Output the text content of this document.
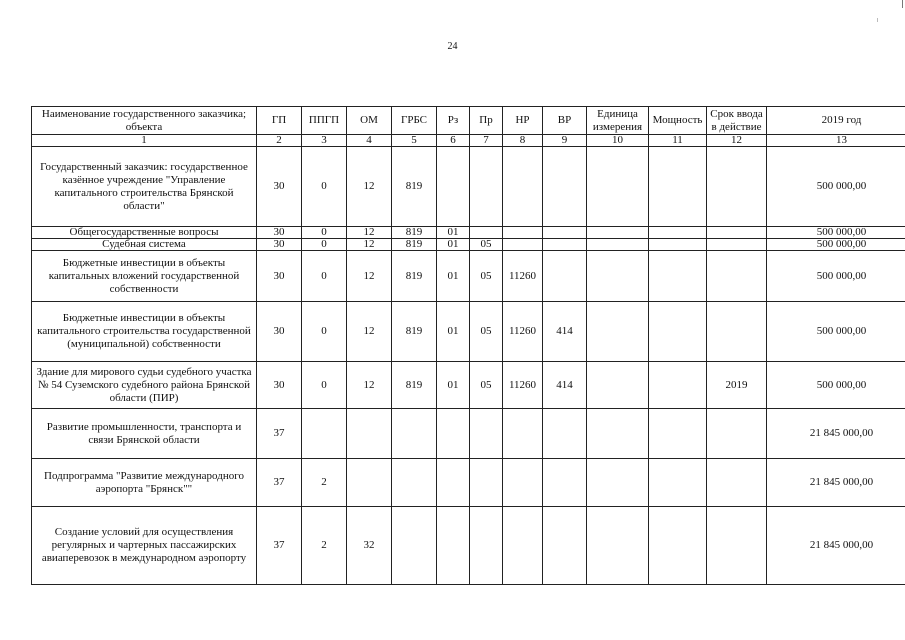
24
Наименование государственного заказчика; объекта	ГП	ППГП	ОМ	ГРБС	Рз	Пр	НР	ВР	Единица измерения	Мощность	Срок ввода в действие	2019 год
1	2	3	4	5	6	7	8	9	10	11	12	13
Государственный заказчик: государственное казённое учреждение "Управление капитального строительства Брянской области"	30	0	12	819								500 000,00
Общегосударственные вопросы	30	0	12	819	01							500 000,00
Судебная система	30	0	12	819	01	05						500 000,00
Бюджетные инвестиции в объекты капитальных вложений государственной собственности	30	0	12	819	01	05	11260					500 000,00
Бюджетные инвестиции в объекты капитального строительства государственной (муниципальной) собственности	30	0	12	819	01	05	11260	414				500 000,00
Здание для мирового судьи судебного участка № 54 Суземского судебного района Брянской области (ПИР)	30	0	12	819	01	05	11260	414			2019	500 000,00
Развитие промышленности, транспорта и связи Брянской области	37											21 845 000,00
Подпрограмма "Развитие международного аэропорта "Брянск""	37	2										21 845 000,00
Создание условий для осуществления регулярных и чартерных пассажирских авиаперевозок в международном аэропорту	37	2	32									21 845 000,00
